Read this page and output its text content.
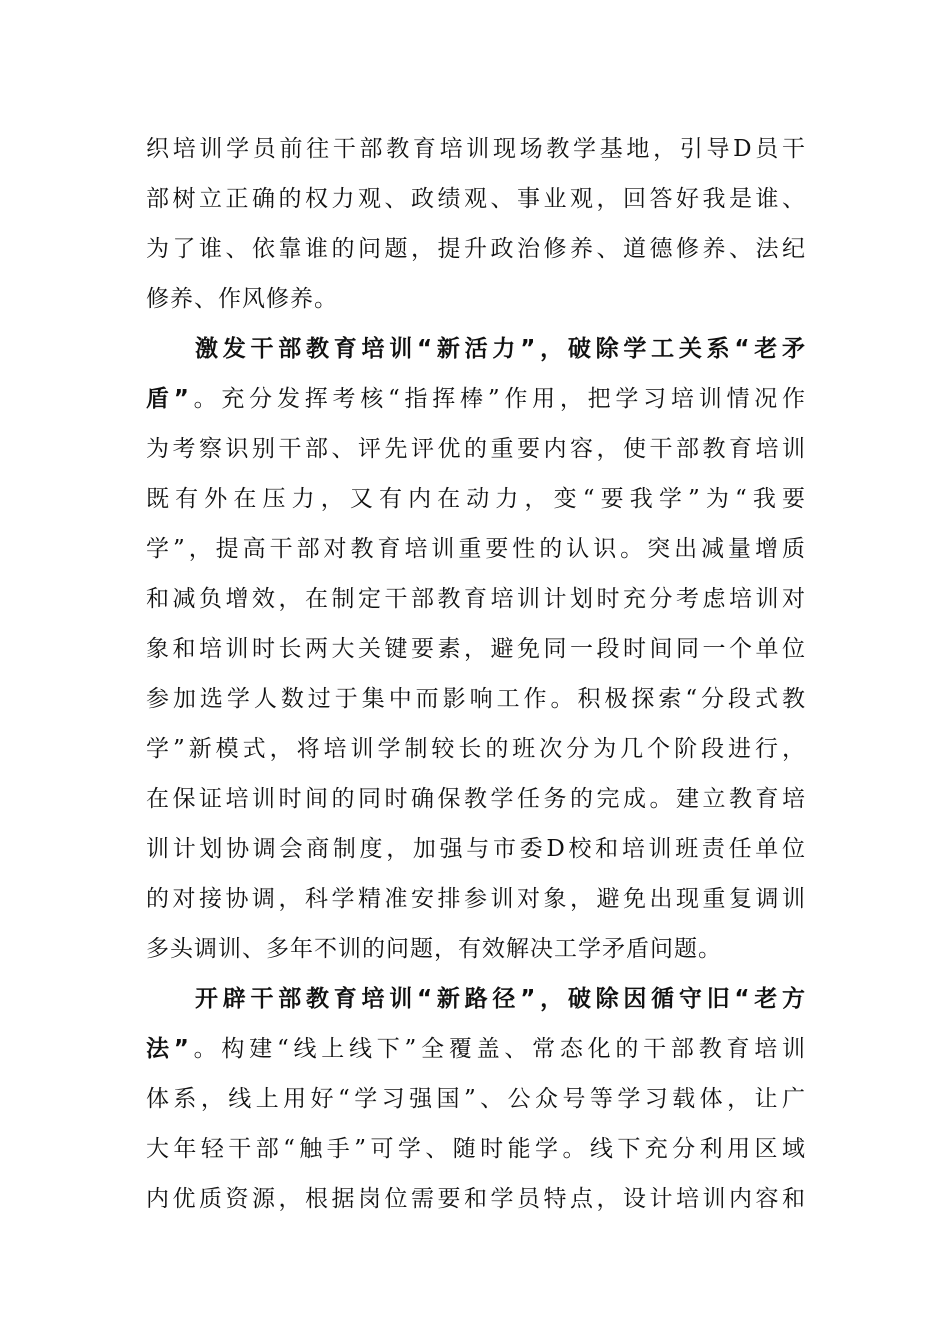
织培训学员前往干部教育培训现场教学基地，引导D员干
部树立正确的权力观、政绩观、事业观，回答好我是谁、
为了谁、依靠谁的问题，提升政治修养、道德修养、法纪
修养、作风修养。
激发干部教育培训“新活力”，破除学工关系“老矛
盾”。充分发挥考核“指挥棒”作用，把学习培训情况作
为考察识别干部、评先评优的重要内容，使干部教育培训
既有外在压力，又有内在动力，变“要我学”为“我要
学”，提高干部对教育培训重要性的认识。突出减量增质
和减负增效，在制定干部教育培训计划时充分考虑培训对
象和培训时长两大关键要素，避免同一段时间同一个单位
参加选学人数过于集中而影响工作。积极探索“分段式教
学”新模式，将培训学制较长的班次分为几个阶段进行，
在保证培训时间的同时确保教学任务的完成。建立教育培
训计划协调会商制度，加强与市委D校和培训班责任单位
的对接协调，科学精准安排参训对象，避免出现重复调训
多头调训、多年不训的问题，有效解决工学矛盾问题。
开辟干部教育培训“新路径”，破除因循守旧“老方
法”。构建“线上线下”全覆盖、常态化的干部教育培训
体系，线上用好“学习强国”、公众号等学习载体，让广
大年轻干部“触手”可学、随时能学。线下充分利用区域
内优质资源，根据岗位需要和学员特点，设计培训内容和
